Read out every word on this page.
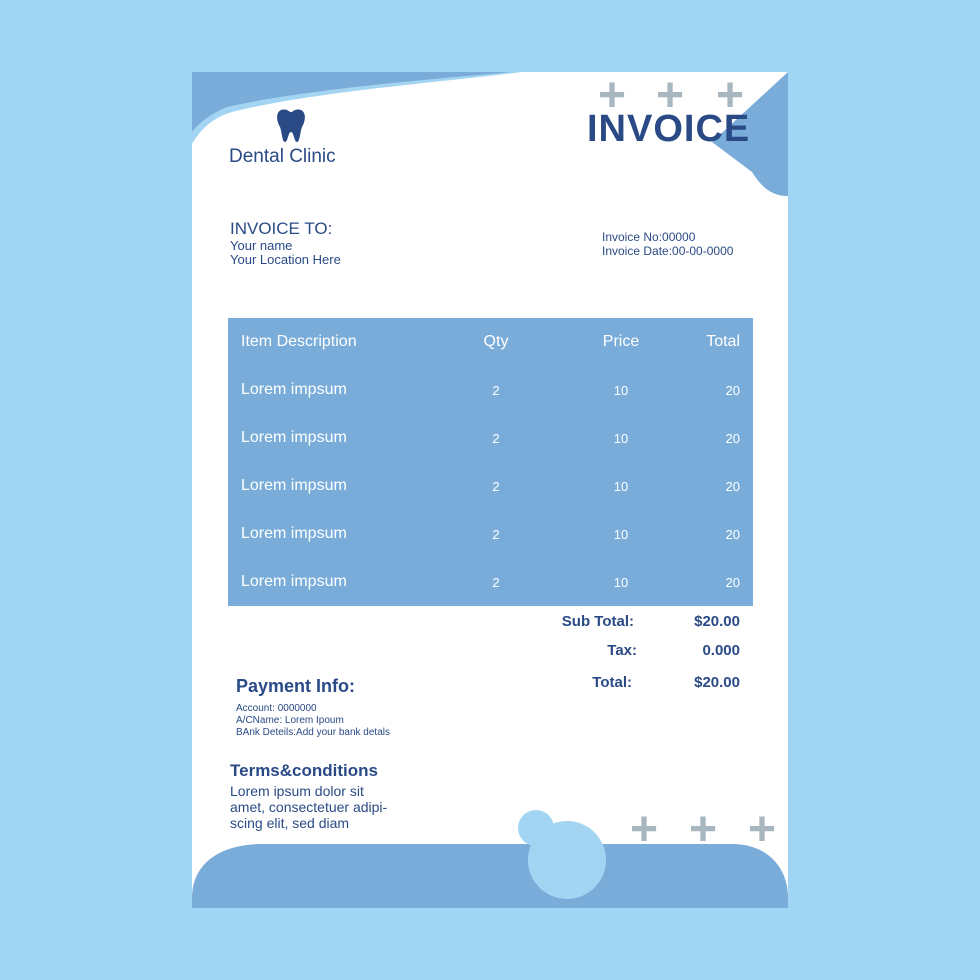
Dental Clinic
INVOICE
+ + +
INVOICE TO:
Your name
Your Location Here
Invoice No:00000
Invoice Date:00-00-0000
Item Description	Qty	Price	Total
Lorem impsum	2	10	20
Lorem impsum	2	10	20
Lorem impsum	2	10	20
Lorem impsum	2	10	20
Lorem impsum	2	10	20
Sub Total:	$20.00
Tax:	0.000
Total:	$20.00
Payment Info:
Account: 0000000
A/CName: Lorem Ipoum
BAnk Deteils:Add your bank detals
Terms&conditions
Lorem ipsum dolor sit
amet, consectetuer adipi-
scing elit, sed diam	+ + +
